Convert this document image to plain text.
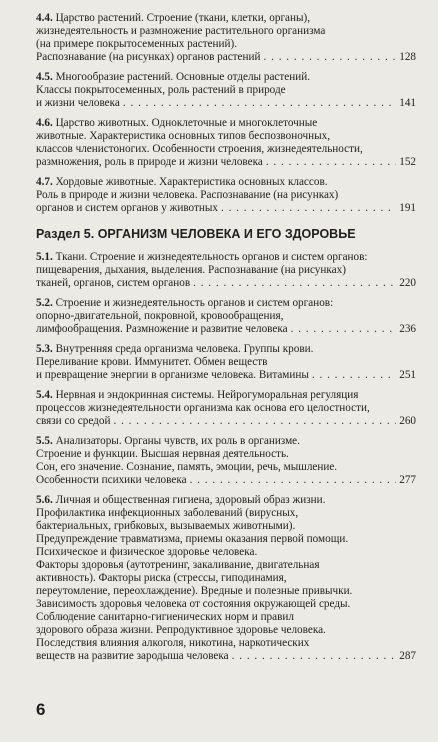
4.4. Царство растений. Строение (ткани, клетки, органы),
жизнедеятельность и размножение растительного организма
(на примере покрытосеменных растений).
Распознавание (на рисунках) органов растений . . .	128
4.5. Многообразие растений. Основные отделы растений.
Классы покрытосеменных, роль растений в природе
и жизни человека . . .	141
4.6. Царство животных. Одноклеточные и многоклеточные
животные. Характеристика основных типов беспозвоночных,
классов членистоногих. Особенности строения, жизнедеятельности,
размножения, роль в природе и жизни человека . . .	152
4.7. Хордовые животные. Характеристика основных классов.
Роль в природе и жизни человека. Распознавание (на рисунках)
органов и систем органов у животных . . .	191
Раздел 5. ОРГАНИЗМ ЧЕЛОВЕКА И ЕГО ЗДОРОВЬЕ
5.1. Ткани. Строение и жизнедеятельность органов и систем органов:
пищеварения, дыхания, выделения. Распознавание (на рисунках)
тканей, органов, систем органов . . .	220
5.2. Строение и жизнедеятельность органов и систем органов:
опорно-двигательной, покровной, кровообращения,
лимфообращения. Размножение и развитие человека . . .	236
5.3. Внутренняя среда организма человека. Группы крови.
Переливание крови. Иммунитет. Обмен веществ
и превращение энергии в организме человека. Витамины . . .	251
5.4. Нервная и эндокринная системы. Нейрогуморальная регуляция
процессов жизнедеятельности организма как основа его целостности,
связи со средой . . .	260
5.5. Анализаторы. Органы чувств, их роль в организме.
Строение и функции. Высшая нервная деятельность.
Сон, его значение. Сознание, память, эмоции, речь, мышление.
Особенности психики человека . . .	277
5.6. Личная и общественная гигиена, здоровый образ жизни.
Профилактика инфекционных заболеваний (вирусных,
бактериальных, грибковых, вызываемых животными).
Предупреждение травматизма, приемы оказания первой помощи.
Психическое и физическое здоровье человека.
Факторы здоровья (аутотренинг, закаливание, двигательная
активность). Факторы риска (стрессы, гиподинамия,
переутомление, переохлаждение). Вредные и полезные привычки.
Зависимость здоровья человека от состояния окружающей среды.
Соблюдение санитарно-гигиенических норм и правил
здорового образа жизни. Репродуктивное здоровье человека.
Последствия влияния алкоголя, никотина, наркотических
веществ на развитие зародыша человека . . .	287
6
